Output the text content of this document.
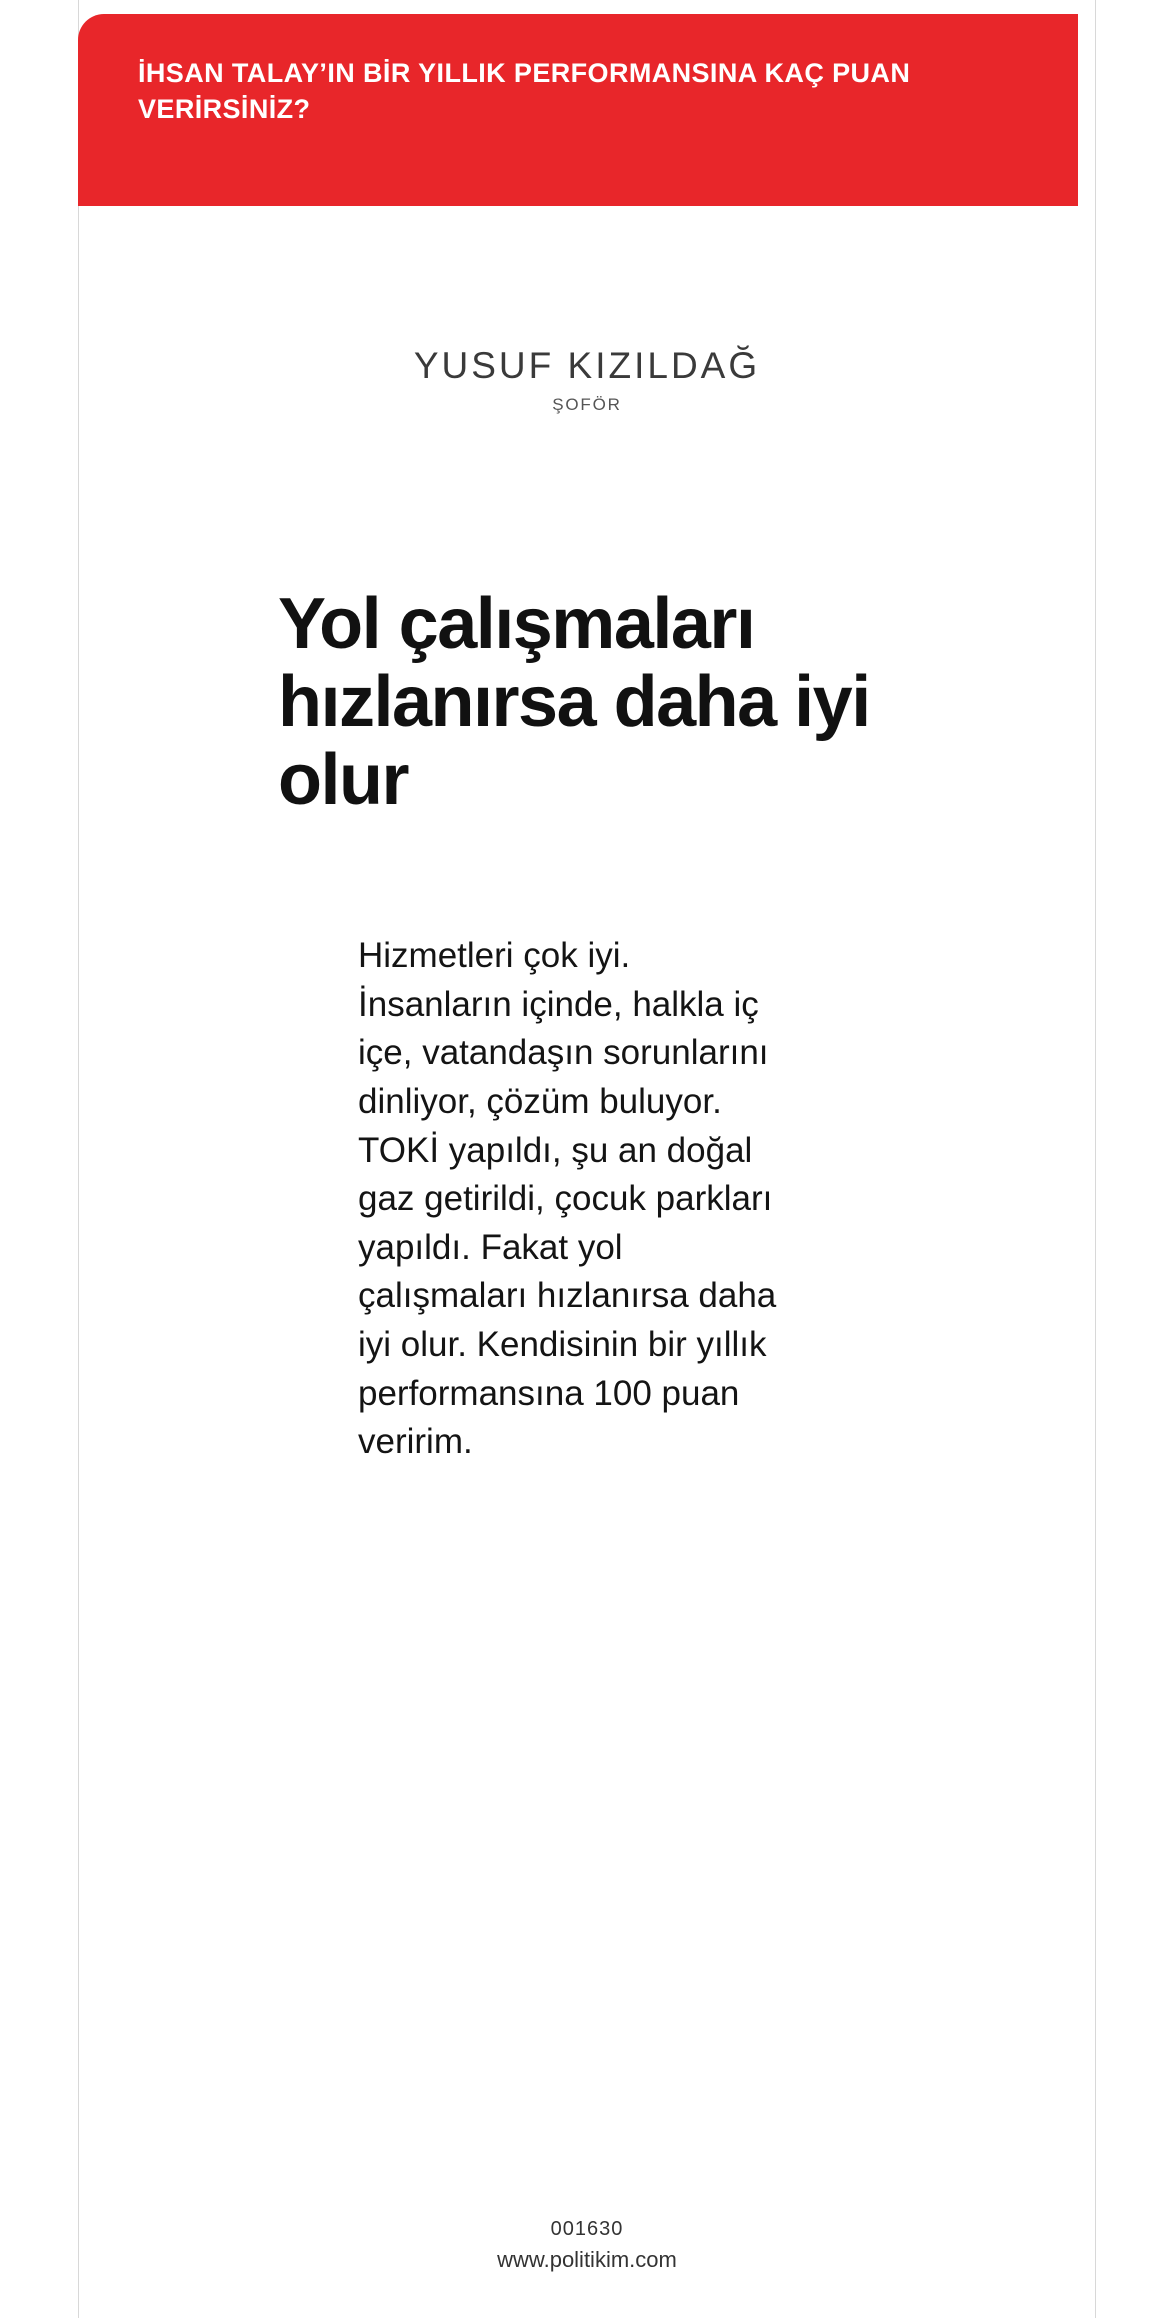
İHSAN TALAY’IN BİR YILLIK PERFORMANSINA KAÇ PUAN VERİRSİNİZ?
YUSUF KIZILDAĞ
ŞOFÖR
Yol çalışmaları hızlanırsa daha iyi olur
Hizmetleri çok iyi. İnsanların içinde, halkla iç içe, vatandaşın sorunlarını dinliyor, çözüm buluyor. TOKİ yapıldı, şu an doğal gaz getirildi, çocuk parkları yapıldı. Fakat yol çalışmaları hızlanırsa daha iyi olur. Kendisinin bir yıllık performansına 100 puan veririm.
001630
www.politikim.com
